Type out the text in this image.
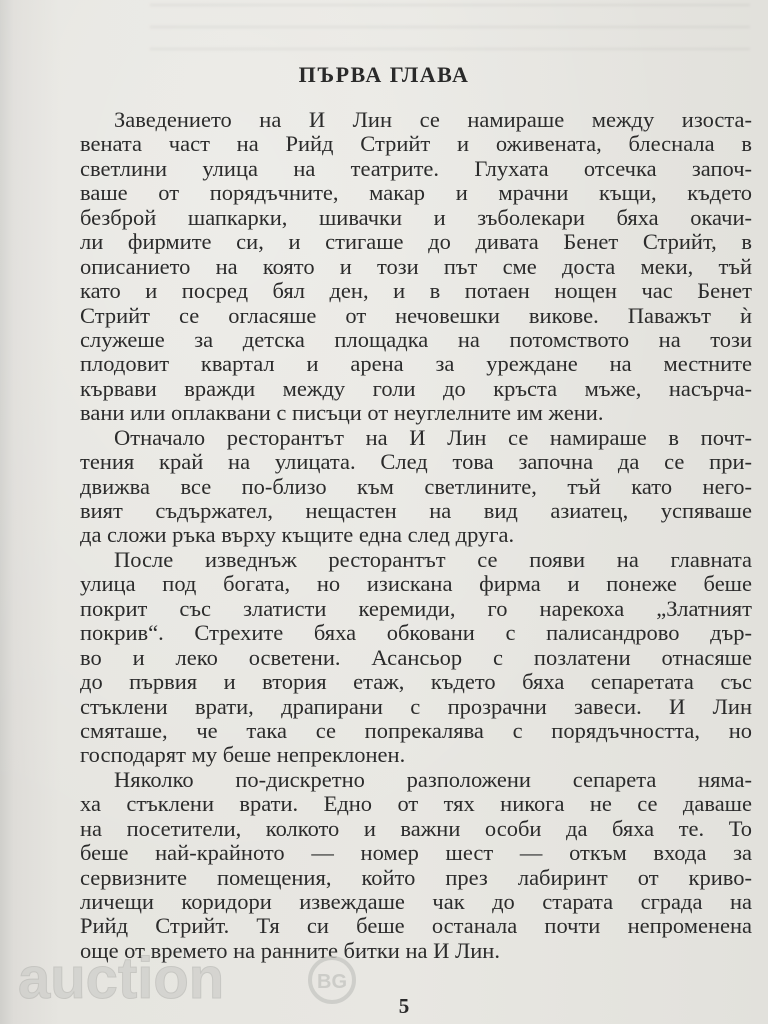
ПЪРВА ГЛАВА
Заведението на И Лин се намираше между изоста-
вената част на Рийд Стрийт и оживената, блеснала в
светлини улица на театрите. Глухата отсечка започ-
ваше от порядъчните, макар и мрачни къщи, където
безброй шапкарки, шивачки и зъболекари бяха окачи-
ли фирмите си, и стигаше до дивата Бенет Стрийт, в
описанието на която и този път сме доста меки, тъй
като и посред бял ден, и в потаен нощен час Бенет
Стрийт се огласяше от нечовешки викове. Паважът ѝ
служеше за детска площадка на потомството на този
плодовит квартал и арена за уреждане на местните
кървави вражди между голи до кръста мъже, насърча-
вани или оплаквани с писъци от неуглелните им жени.
Отначало ресторантът на И Лин се намираше в почт-
тения край на улицата. След това започна да се при-
движва все по-близо към светлините, тъй като него-
вият съдържател, нещастен на вид азиатец, успяваше
да сложи ръка върху къщите една след друга.
После изведнъж ресторантът се появи на главната
улица под богата, но изискана фирма и понеже беше
покрит със златисти керемиди, го нарекоха „Златният
покрив“. Стрехите бяха обковани с палисандрово дър-
во и леко осветени. Асансьор с позлатени отнасяше
до първия и втория етаж, където бяха сепаретата със
стъклени врати, драпирани с прозрачни завеси. И Лин
смяташе, че така се попрекалява с порядъчността, но
господарят му беше непреклонен.
Няколко по-дискретно разположени сепарета няма-
ха стъклени врати. Едно от тях никога не се даваше
на посетители, колкото и важни особи да бяха те. То
беше най-крайното — номер шест — откъм входа за
сервизните помещения, който през лабиринт от криво-
личещи коридори извеждаше чак до старата сграда на
Рийд Стрийт. Тя си беше останала почти непроменена
още от времето на ранните битки на И Лин.
5
auction	BG
